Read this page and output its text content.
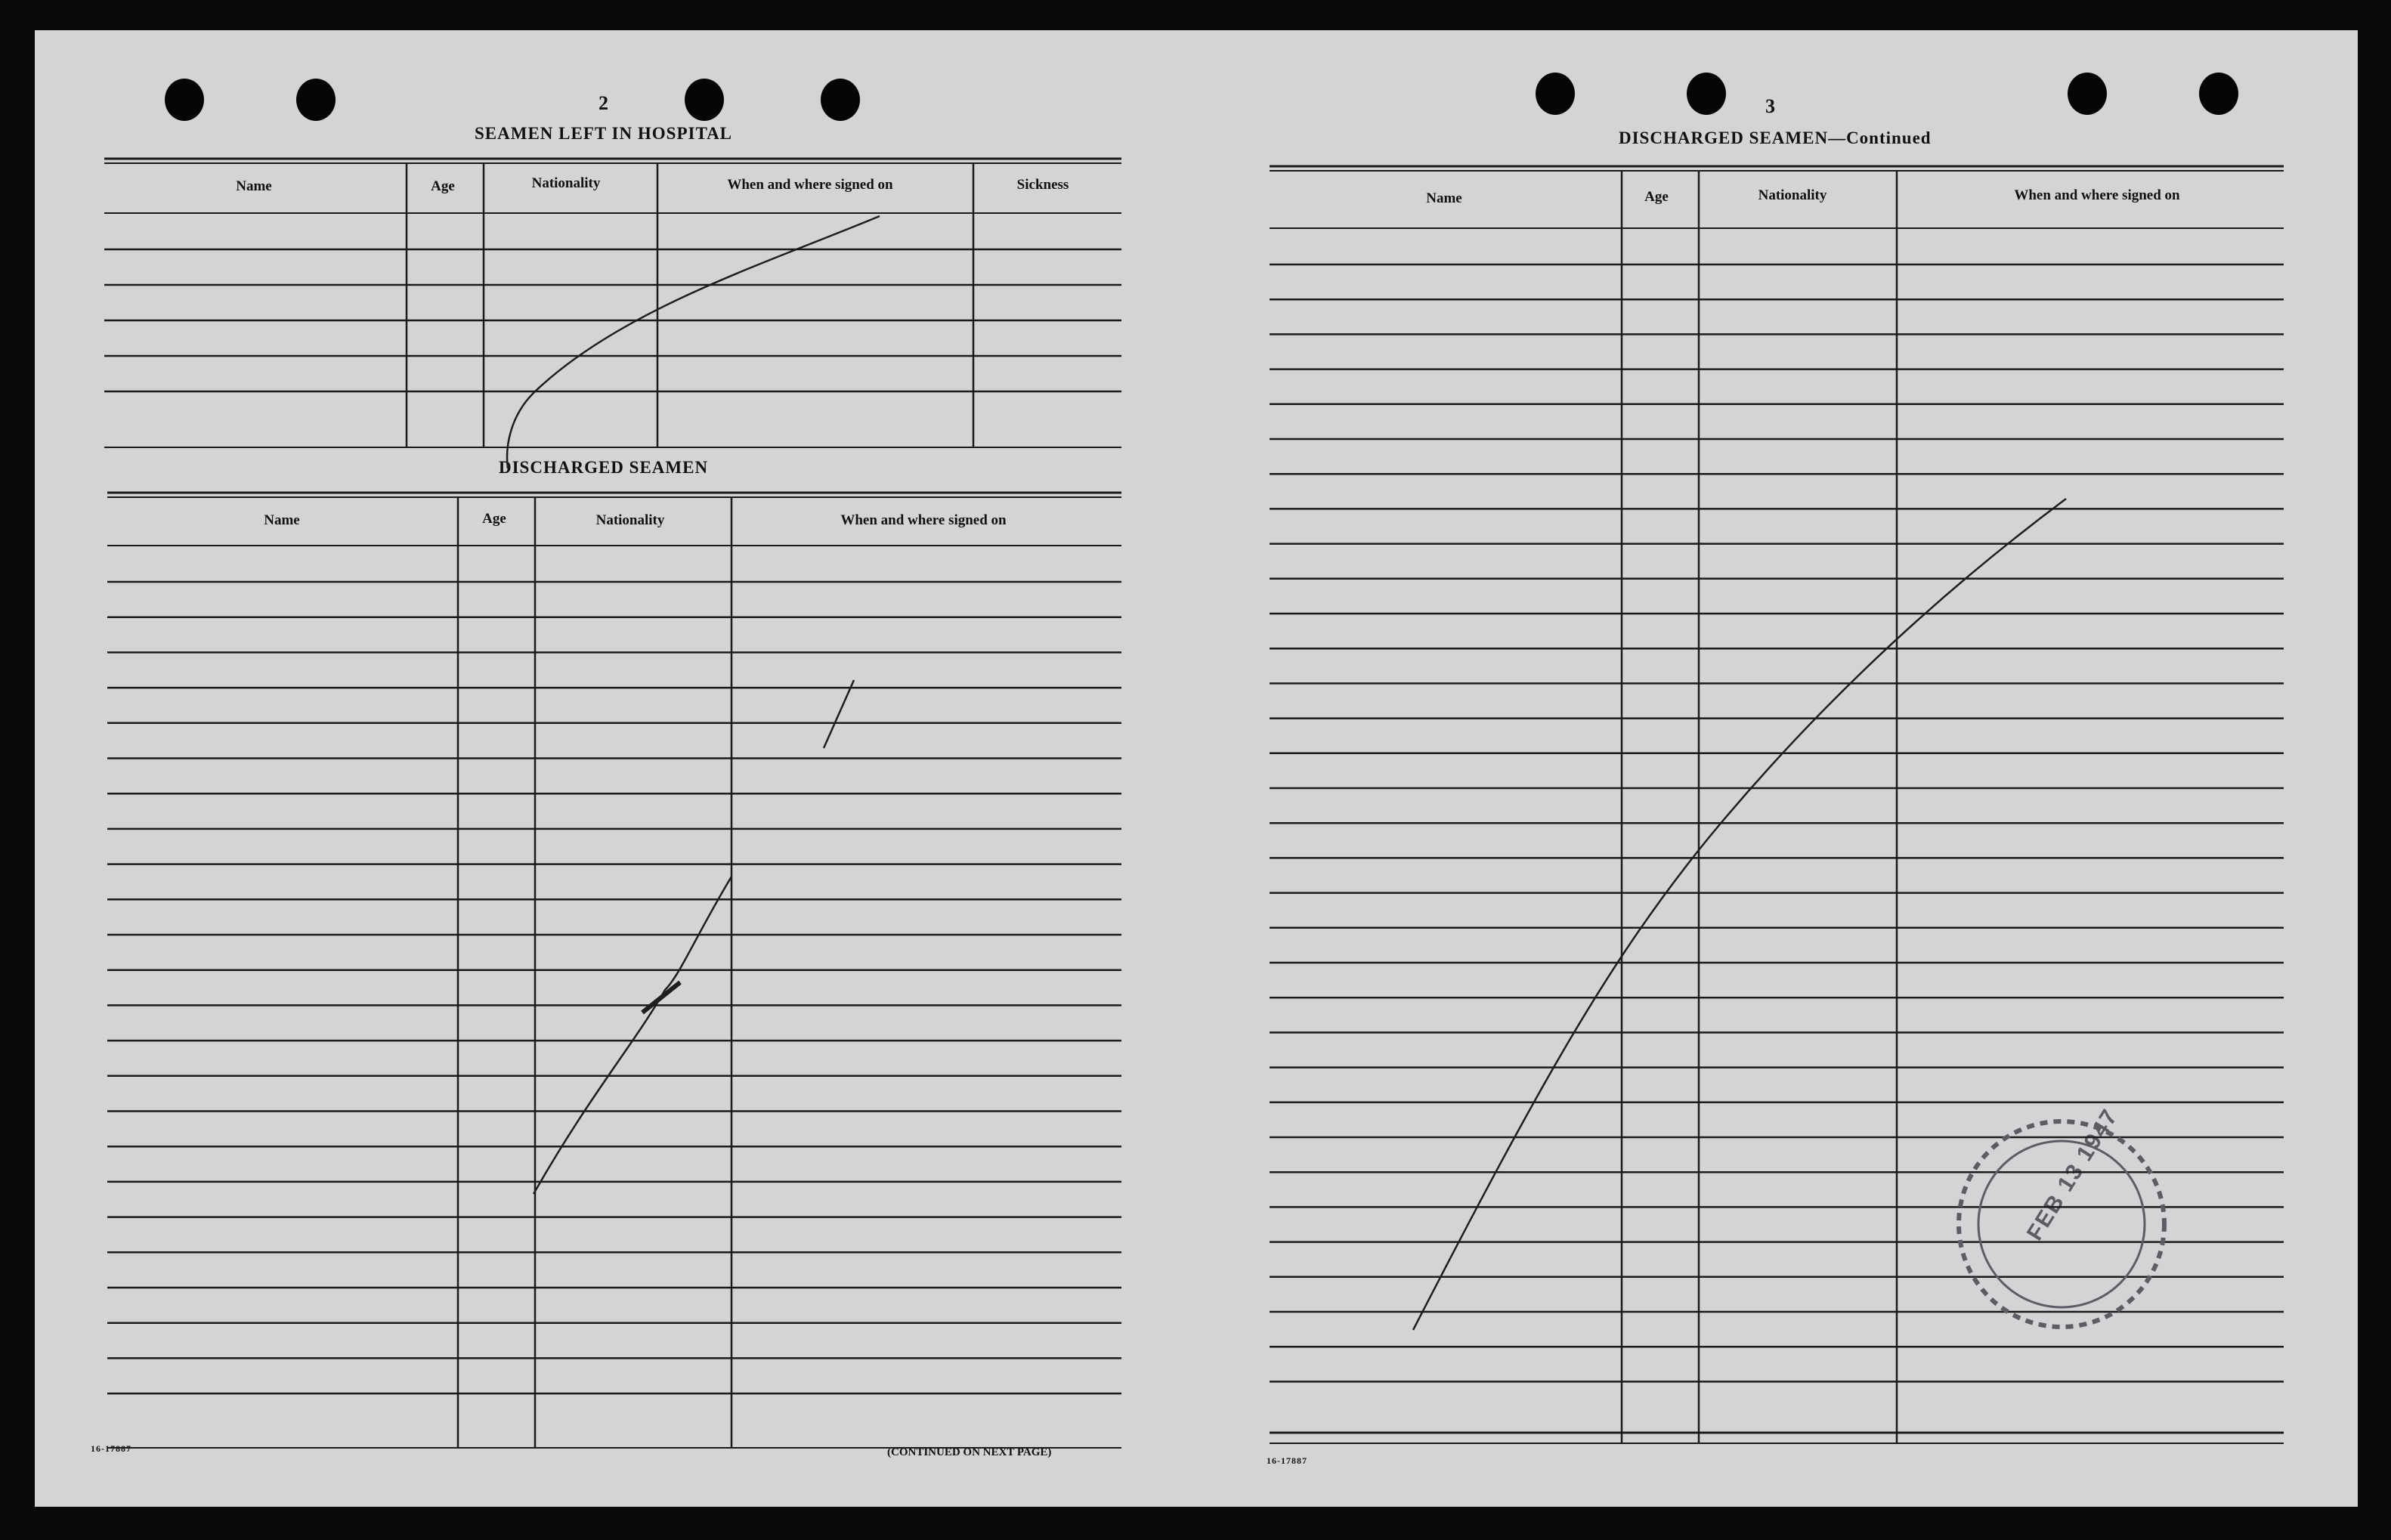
2
SEAMEN LEFT IN HOSPITAL
Name	Age	Nationality	When and where signed on	Sickness
DISCHARGED SEAMEN
Name	Age	Nationality	When and where signed on
16-17887	(CONTINUED ON NEXT PAGE)
3
DISCHARGED SEAMEN—Continued
Name	Age	Nationality	When and where signed on
16-17887
FEB 13 1947
